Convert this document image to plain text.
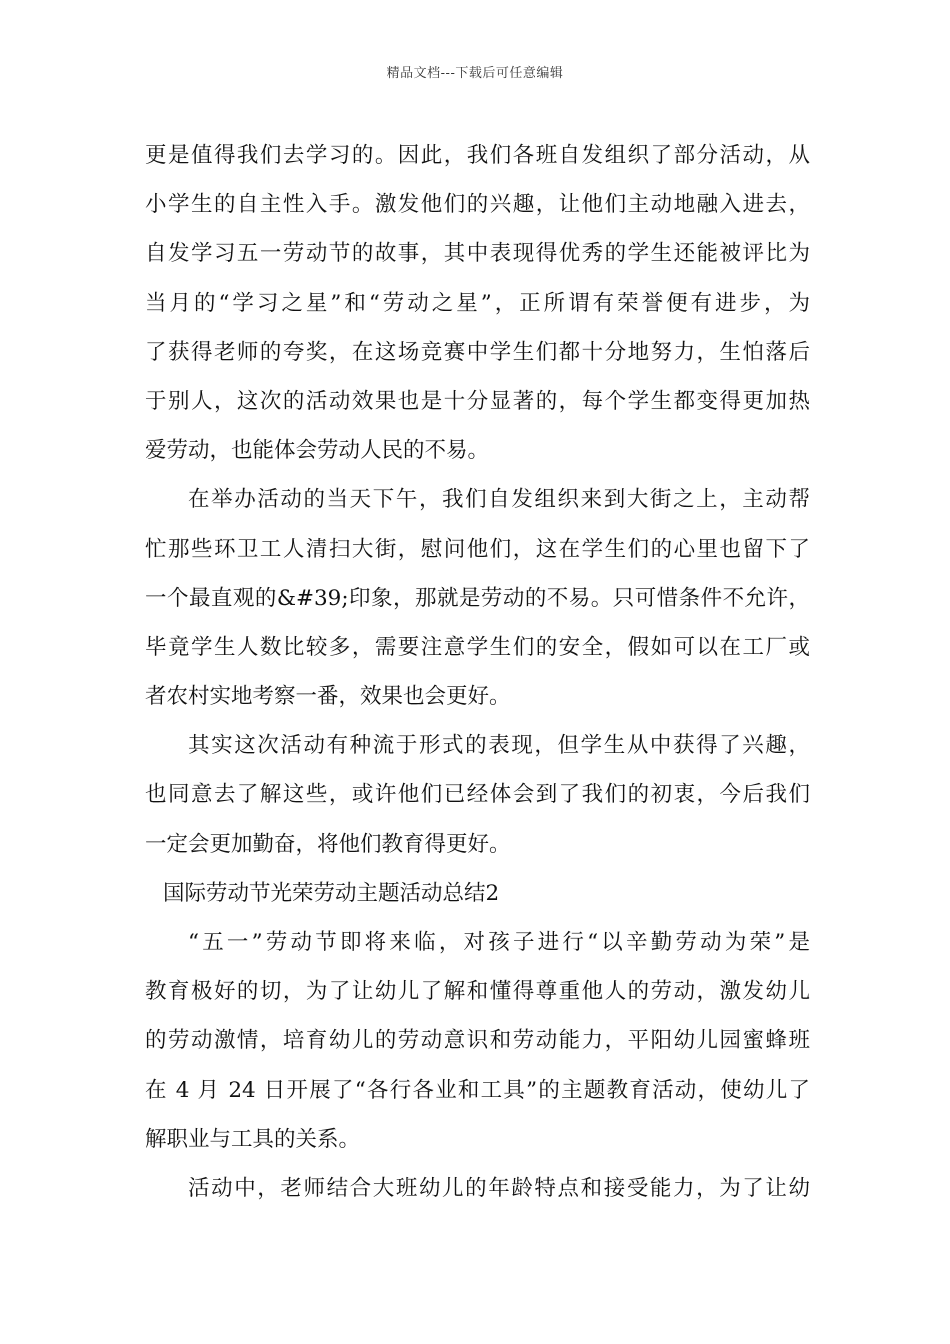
精品文档---下载后可任意编辑
更是值得我们去学习的。因此，我们各班自发组织了部分活动，从
小学生的自主性入手。激发他们的兴趣，让他们主动地融入进去，
自发学习五一劳动节的故事，其中表现得优秀的学生还能被评比为
当月的“学习之星”和“劳动之星”，正所谓有荣誉便有进步，为
了获得老师的夸奖，在这场竞赛中学生们都十分地努力，生怕落后
于别人，这次的活动效果也是十分显著的，每个学生都变得更加热
爱劳动，也能体会劳动人民的不易。
在举办活动的当天下午，我们自发组织来到大街之上，主动帮
忙那些环卫工人清扫大街，慰问他们，这在学生们的心里也留下了
一个最直观的&#39;印象，那就是劳动的不易。只可惜条件不允许，
毕竟学生人数比较多，需要注意学生们的安全，假如可以在工厂或
者农村实地考察一番，效果也会更好。
其实这次活动有种流于形式的表现，但学生从中获得了兴趣，
也同意去了解这些，或许他们已经体会到了我们的初衷，今后我们
一定会更加勤奋，将他们教育得更好。
国际劳动节光荣劳动主题活动总结2
“五一”劳动节即将来临，对孩子进行“以辛勤劳动为荣”是
教育极好的切，为了让幼儿了解和懂得尊重他人的劳动，激发幼儿
的劳动激情，培育幼儿的劳动意识和劳动能力，平阳幼儿园蜜蜂班
在 4 月 24 日开展了“各行各业和工具”的主题教育活动，使幼儿了
解职业与工具的关系。
活动中，老师结合大班幼儿的年龄特点和接受能力，为了让幼
